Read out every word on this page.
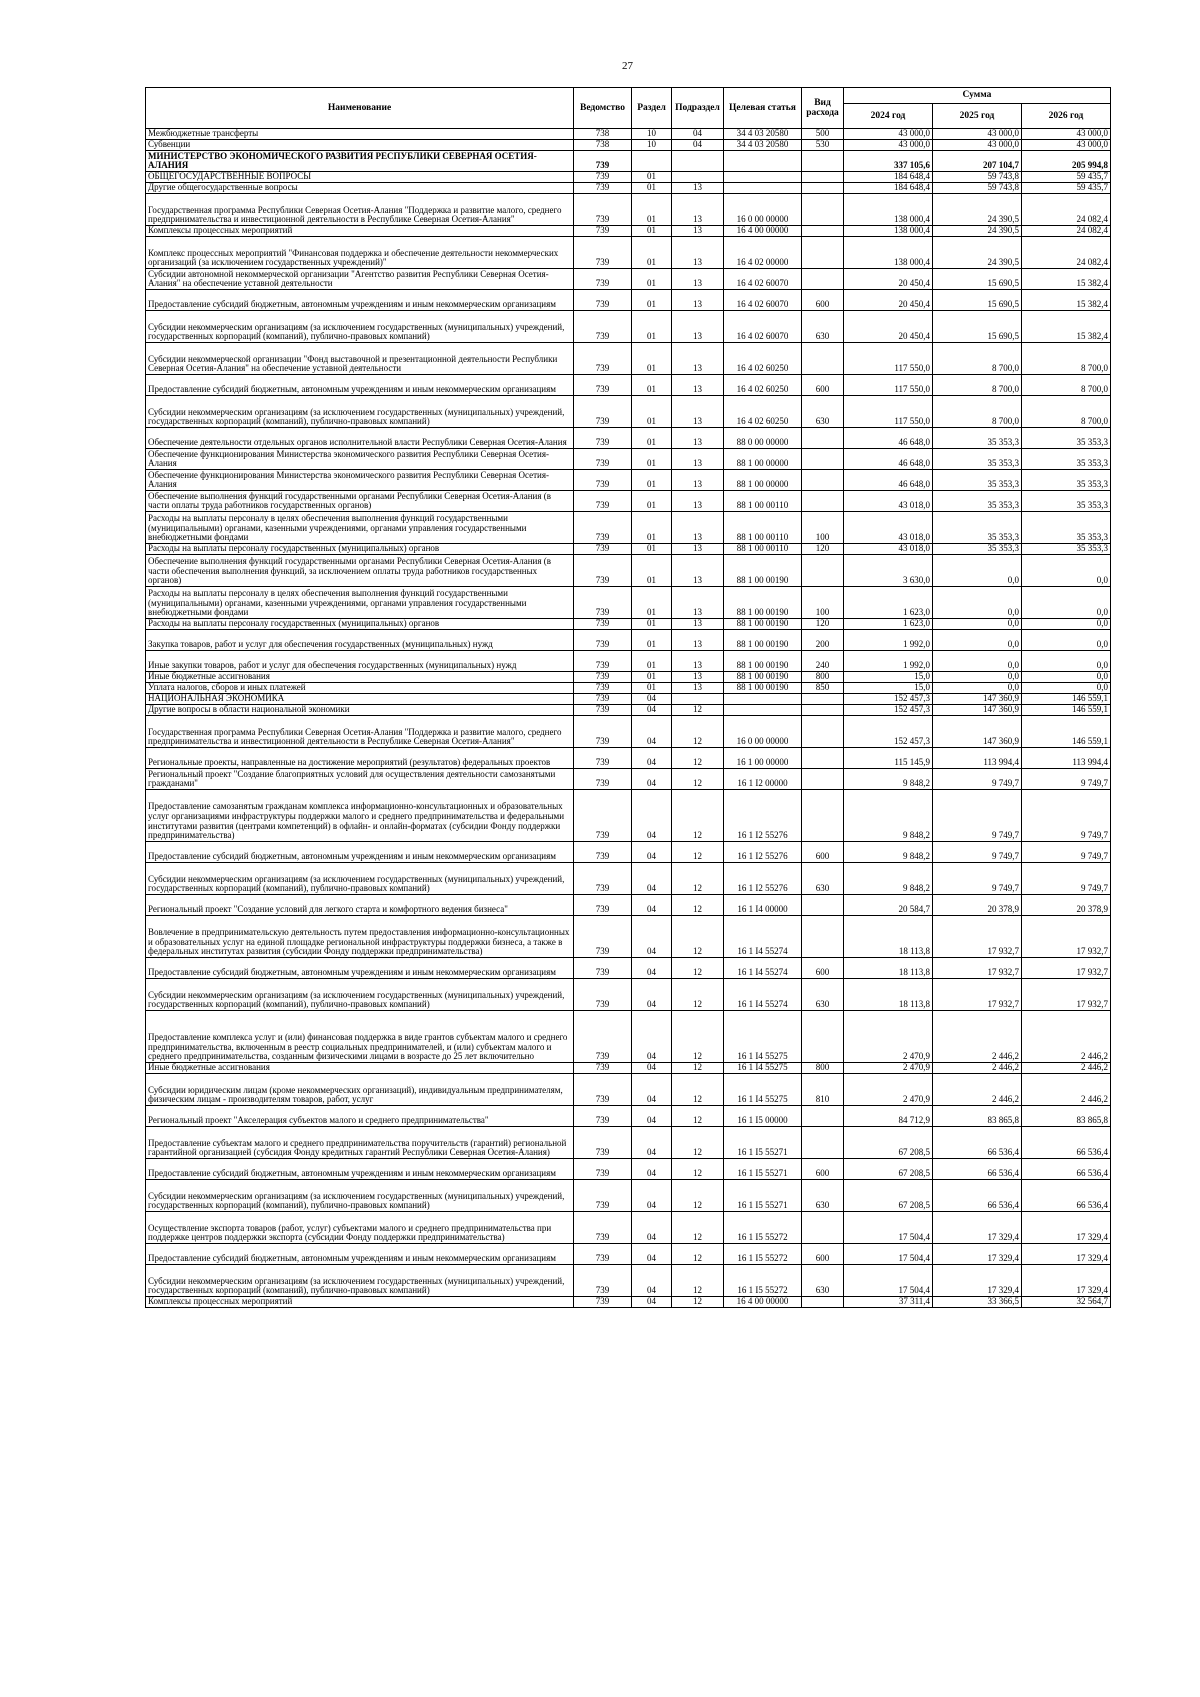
27
Наименование	Ведомство	Раздел	Подраздел	Целевая статья	Вид расхода	Сумма		
						2024 год	2025 год	2026 год
Межбюджетные трансферты	738	10	04	34 4 03 20580	500	43 000,0	43 000,0	43 000,0
Субвенции	738	10	04	34 4 03 20580	530	43 000,0	43 000,0	43 000,0
МИНИСТЕРСТВО ЭКОНОМИЧЕСКОГО РАЗВИТИЯ РЕСПУБЛИКИ СЕВЕРНАЯ ОСЕТИЯ-АЛАНИЯ	739					337 105,6	207 104,7	205 994,8
ОБЩЕГОСУДАРСТВЕННЫЕ ВОПРОСЫ	739	01				184 648,4	59 743,8	59 435,7
Другие общегосударственные вопросы	739	01	13			184 648,4	59 743,8	59 435,7
Государственная программа Республики Северная Осетия-Алания "Поддержка и развитие малого, среднего предпринимательства и инвестиционной деятельности в Республике Северная Осетия-Алания"	739	01	13	16 0 00 00000		138 000,4	24 390,5	24 082,4
Комплексы процессных мероприятий	739	01	13	16 4 00 00000		138 000,4	24 390,5	24 082,4
Комплекс процессных мероприятий "Финансовая поддержка и обеспечение деятельности некоммерческих организаций (за исключением государственных учреждений)"	739	01	13	16 4 02 00000		138 000,4	24 390,5	24 082,4
Субсидии автономной некоммерческой организации "Агентство развития Республики Северная Осетия-Алания" на обеспечение уставной деятельности	739	01	13	16 4 02 60070		20 450,4	15 690,5	15 382,4
Предоставление субсидий бюджетным, автономным учреждениям и иным некоммерческим организациям	739	01	13	16 4 02 60070	600	20 450,4	15 690,5	15 382,4
Субсидии некоммерческим организациям (за исключением государственных (муниципальных) учреждений, государственных корпораций (компаний), публично-правовых компаний)	739	01	13	16 4 02 60070	630	20 450,4	15 690,5	15 382,4
Субсидии некоммерческой организации "Фонд выставочной и презентационной деятельности Республики Северная Осетия-Алания" на обеспечение уставной деятельности	739	01	13	16 4 02 60250		117 550,0	8 700,0	8 700,0
Предоставление субсидий бюджетным, автономным учреждениям и иным некоммерческим организациям	739	01	13	16 4 02 60250	600	117 550,0	8 700,0	8 700,0
Субсидии некоммерческим организациям (за исключением государственных (муниципальных) учреждений, государственных корпораций (компаний), публично-правовых компаний)	739	01	13	16 4 02 60250	630	117 550,0	8 700,0	8 700,0
Обеспечение деятельности отдельных органов исполнительной власти Республики Северная Осетия-Алания	739	01	13	88 0 00 00000		46 648,0	35 353,3	35 353,3
Обеспечение функционирования Министерства экономического развития Республики Северная Осетия-Алания	739	01	13	88 1 00 00000		46 648,0	35 353,3	35 353,3
Обеспечение функционирования Министерства экономического развития Республики Северная Осетия-Алания	739	01	13	88 1 00 00000		46 648,0	35 353,3	35 353,3
Обеспечение выполнения функций государственными органами Республики Северная Осетия-Алания (в части оплаты труда работников государственных органов)	739	01	13	88 1 00 00110		43 018,0	35 353,3	35 353,3
Расходы на выплаты персоналу в целях обеспечения выполнения функций государственными (муниципальными) органами, казенными учреждениями, органами управления государственными внебюджетными фондами	739	01	13	88 1 00 00110	100	43 018,0	35 353,3	35 353,3
Расходы на выплаты персоналу государственных (муниципальных) органов	739	01	13	88 1 00 00110	120	43 018,0	35 353,3	35 353,3
Обеспечение выполнения функций государственными органами Республики Северная Осетия-Алания (в части обеспечения выполнения функций, за исключением оплаты труда работников государственных органов)	739	01	13	88 1 00 00190		3 630,0	0,0	0,0
Расходы на выплаты персоналу в целях обеспечения выполнения функций государственными (муниципальными) органами, казенными учреждениями, органами управления государственными внебюджетными фондами	739	01	13	88 1 00 00190	100	1 623,0	0,0	0,0
Расходы на выплаты персоналу государственных (муниципальных) органов	739	01	13	88 1 00 00190	120	1 623,0	0,0	0,0
Закупка товаров, работ и услуг для обеспечения государственных (муниципальных) нужд	739	01	13	88 1 00 00190	200	1 992,0	0,0	0,0
Иные закупки товаров, работ и услуг для обеспечения государственных (муниципальных) нужд	739	01	13	88 1 00 00190	240	1 992,0	0,0	0,0
Иные бюджетные ассигнования	739	01	13	88 1 00 00190	800	15,0	0,0	0,0
Уплата налогов, сборов и иных платежей	739	01	13	88 1 00 00190	850	15,0	0,0	0,0
НАЦИОНАЛЬНАЯ ЭКОНОМИКА	739	04				152 457,3	147 360,9	146 559,1
Другие вопросы в области национальной экономики	739	04	12			152 457,3	147 360,9	146 559,1
Государственная программа Республики Северная Осетия-Алания "Поддержка и развитие малого, среднего предпринимательства и инвестиционной деятельности в Республике Северная Осетия-Алания"	739	04	12	16 0 00 00000		152 457,3	147 360,9	146 559,1
Региональные проекты, направленные на достижение мероприятий (результатов) федеральных проектов	739	04	12	16 1 00 00000		115 145,9	113 994,4	113 994,4
Региональный проект "Создание благоприятных условий для осуществления деятельности самозанятыми гражданами"	739	04	12	16 1 I2 00000		9 848,2	9 749,7	9 749,7
Предоставление самозанятым гражданам комплекса информационно-консультационных и образовательных услуг организациями инфраструктуры поддержки малого и среднего предпринимательства и федеральными институтами развития (центрами компетенций) в офлайн- и онлайн-форматах (субсидии Фонду поддержки предпринимательства)	739	04	12	16 1 I2 55276		9 848,2	9 749,7	9 749,7
Предоставление субсидий бюджетным, автономным учреждениям и иным некоммерческим организациям	739	04	12	16 1 I2 55276	600	9 848,2	9 749,7	9 749,7
Субсидии некоммерческим организациям (за исключением государственных (муниципальных) учреждений, государственных корпораций (компаний), публично-правовых компаний)	739	04	12	16 1 I2 55276	630	9 848,2	9 749,7	9 749,7
Региональный проект "Создание условий для легкого старта и комфортного ведения бизнеса"	739	04	12	16 1 I4 00000		20 584,7	20 378,9	20 378,9
Вовлечение в предпринимательскую деятельность путем предоставления информационно-консультационных и образовательных услуг на единой площадке региональной инфраструктуры поддержки бизнеса, а также в федеральных институтах развития (субсидии Фонду поддержки предпринимательства)	739	04	12	16 1 I4 55274		18 113,8	17 932,7	17 932,7
Предоставление субсидий бюджетным, автономным учреждениям и иным некоммерческим организациям	739	04	12	16 1 I4 55274	600	18 113,8	17 932,7	17 932,7
Субсидии некоммерческим организациям (за исключением государственных (муниципальных) учреждений, государственных корпораций (компаний), публично-правовых компаний)	739	04	12	16 1 I4 55274	630	18 113,8	17 932,7	17 932,7
Предоставление комплекса услуг и (или) финансовая поддержка в виде грантов субъектам малого и среднего предпринимательства, включенным в реестр социальных предпринимателей, и (или) субъектам малого и среднего предпринимательства, созданным физическими лицами в возрасте до 25 лет включительно	739	04	12	16 1 I4 55275		2 470,9	2 446,2	2 446,2
Иные бюджетные ассигнования	739	04	12	16 1 I4 55275	800	2 470,9	2 446,2	2 446,2
Субсидии юридическим лицам (кроме некоммерческих организаций), индивидуальным предпринимателям, физическим лицам - производителям товаров, работ, услуг	739	04	12	16 1 I4 55275	810	2 470,9	2 446,2	2 446,2
Региональный проект "Акселерация субъектов малого и среднего предпринимательства"	739	04	12	16 1 I5 00000		84 712,9	83 865,8	83 865,8
Предоставление субъектам малого и среднего предпринимательства поручительств (гарантий) региональной гарантийной организацией (субсидия Фонду кредитных гарантий Республики Северная Осетия-Алания)	739	04	12	16 1 I5 55271		67 208,5	66 536,4	66 536,4
Предоставление субсидий бюджетным, автономным учреждениям и иным некоммерческим организациям	739	04	12	16 1 I5 55271	600	67 208,5	66 536,4	66 536,4
Субсидии некоммерческим организациям (за исключением государственных (муниципальных) учреждений, государственных корпораций (компаний), публично-правовых компаний)	739	04	12	16 1 I5 55271	630	67 208,5	66 536,4	66 536,4
Осуществление экспорта товаров (работ, услуг) субъектами малого и среднего предпринимательства при поддержке центров поддержки экспорта (субсидии Фонду поддержки предпринимательства)	739	04	12	16 1 I5 55272		17 504,4	17 329,4	17 329,4
Предоставление субсидий бюджетным, автономным учреждениям и иным некоммерческим организациям	739	04	12	16 1 I5 55272	600	17 504,4	17 329,4	17 329,4
Субсидии некоммерческим организациям (за исключением государственных (муниципальных) учреждений, государственных корпораций (компаний), публично-правовых компаний)	739	04	12	16 1 I5 55272	630	17 504,4	17 329,4	17 329,4
Комплексы процессных мероприятий	739	04	12	16 4 00 00000		37 311,4	33 366,5	32 564,7
